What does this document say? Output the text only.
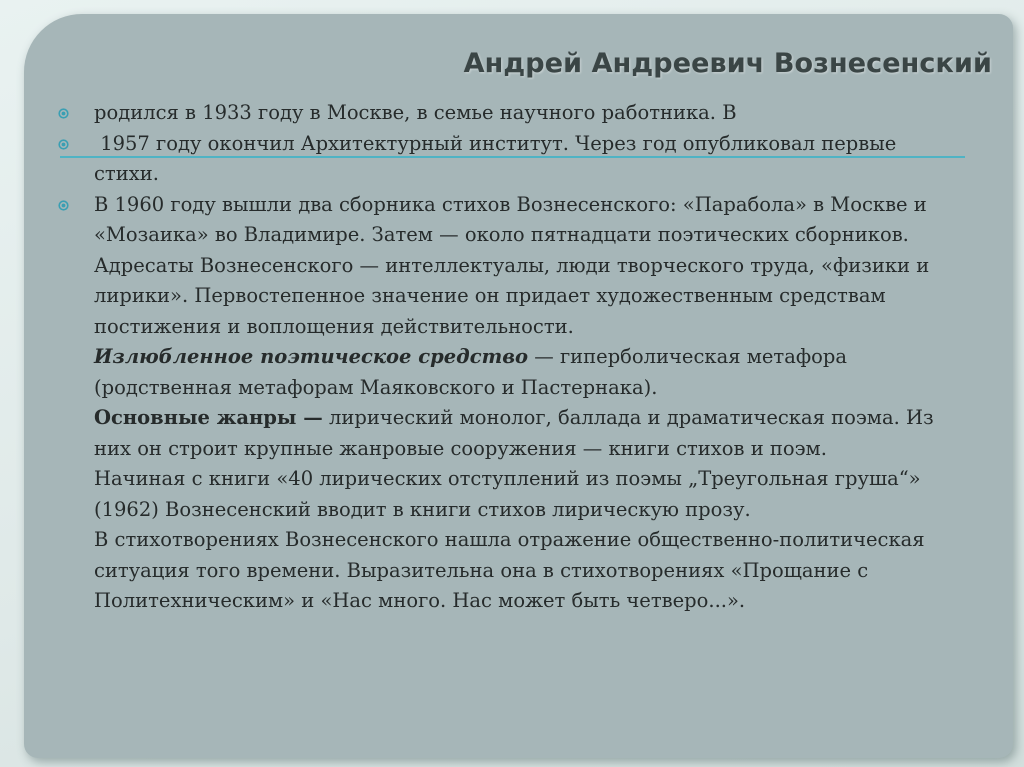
Андрей Андреевич Вознесенский
родился в 1933 году в Москве, в семье научного работника. В
1957 году окончил Архитектурный институт. Через год опубликовал первые стихи.
В 1960 году вышли два сборника стихов Вознесенского: «Парабола» в Москве и «Мозаика» во Владимире. Затем — около пятнадцати поэтических сборников.
Адресаты Вознесенского — интеллектуалы, люди творческого труда, «физики и лирики». Первостепенное значение он придает художественным средствам постижения и воплощения действительности.
Излюбленное поэтическое средство — гиперболическая метафора (родственная метафорам Маяковского и Пастернака).
Основные жанры — лирический монолог, баллада и драматическая поэма. Из них он строит крупные жанровые сооружения — книги стихов и поэм.
Начиная с книги «40 лирических отступлений из поэмы „Треугольная груша“» (1962) Вознесенский вводит в книги стихов лирическую прозу.
В стихотворениях Вознесенского нашла отражение общественно-политическая ситуация того времени. Выразительна она в стихотворениях «Прощание с Политехническим» и «Нас много. Нас может быть четверо...».
